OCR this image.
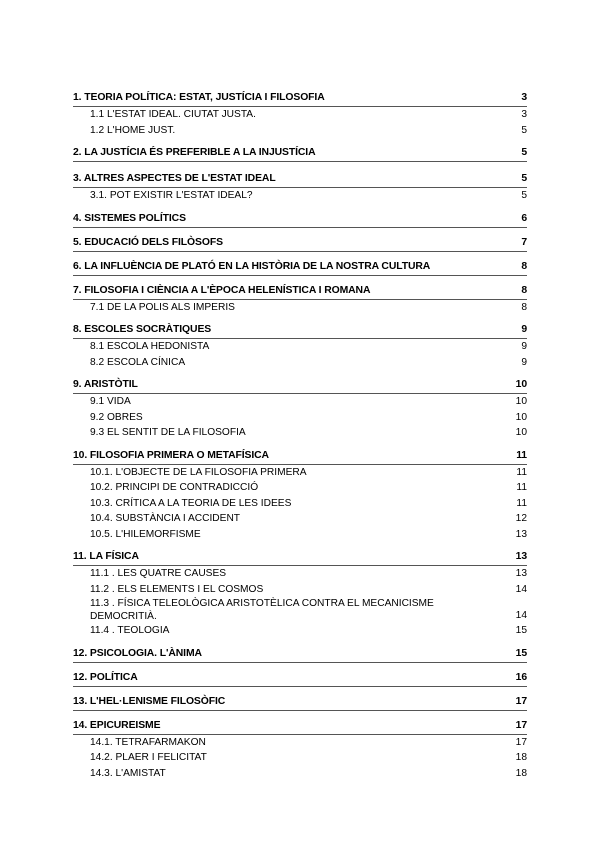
1. TEORIA POLÍTICA: ESTAT, JUSTÍCIA I FILOSOFIA	3
1.1 L'ESTAT IDEAL. CIUTAT JUSTA.	3
1.2 L'HOME JUST.	5
2. LA JUSTÍCIA ÉS PREFERIBLE A LA INJUSTÍCIA	5
3. ALTRES ASPECTES DE L'ESTAT IDEAL	5
3.1. POT EXISTIR L'ESTAT IDEAL?	5
4. SISTEMES POLÍTICS	6
5. EDUCACIÓ DELS FILÒSOFS	7
6. LA INFLUÈNCIA DE PLATÓ EN LA HISTÒRIA DE LA NOSTRA CULTURA	8
7. FILOSOFIA I CIÈNCIA A L'ÈPOCA HELENÍSTICA I ROMANA	8
7.1 DE LA POLIS ALS IMPERIS	8
8. ESCOLES SOCRÀTIQUES	9
8.1 ESCOLA HEDONISTA	9
8.2 ESCOLA CÍNICA	9
9. ARISTÒTIL	10
9.1 VIDA	10
9.2 OBRES	10
9.3 EL SENTIT DE LA FILOSOFIA	10
10. FILOSOFIA PRIMERA O METAFÍSICA	11
10.1. L'OBJECTE DE LA FILOSOFIA PRIMERA	11
10.2. PRINCIPI DE CONTRADICCIÓ	11
10.3. CRÍTICA A LA TEORIA DE LES IDEES	11
10.4. SUBSTÀNCIA I ACCIDENT	12
10.5. L'HILEMORFISME	13
11. LA FÍSICA	13
11.1 . LES QUATRE CAUSES	13
11.2 . ELS ELEMENTS I EL COSMOS	14
11.3 . FÍSICA TELEOLÒGICA ARISTOTÈLICA CONTRA EL MECANICISME DEMOCRITIÀ.	14
11.4 . TEOLOGIA	15
12. PSICOLOGIA. L'ÀNIMA	15
12. POLÍTICA	16
13. L'HEL·LENISME FILOSÒFIC	17
14. EPICUREISME	17
14.1. TETRAFARMAKON	17
14.2. PLAER I FELICITAT	18
14.3. L'AMISTAT	18
